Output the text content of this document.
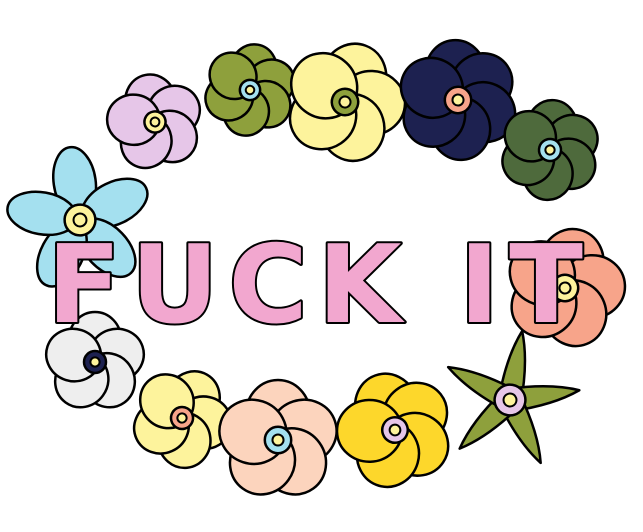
FUCK IT
